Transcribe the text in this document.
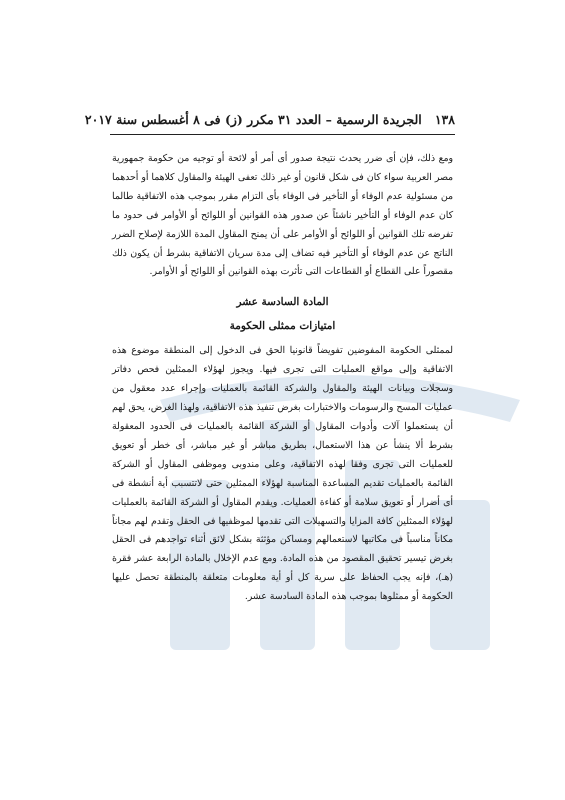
١٣٨   الجريدة الرسمية – العدد ٣١ مكرر (ز) فى ٨ أغسطس سنة ٢٠١٧

ومع ذلك، فإن أى ضرر يحدث نتيجة صدور أى أمر أو لائحة أو توجيه من حكومة جمهورية مصر العربية سواء كان فى شكل قانون أو غير ذلك تعفى الهيئة والمقاول كلاهما أو أحدهما من مسئولية عدم الوفاء أو التأخير فى الوفاء بأى التزام مقرر بموجب هذه الاتفاقية طالما كان عدم الوفاء أو التأخير ناشئاً عن صدور هذه القوانين أو اللوائح أو الأوامر فى حدود ما تفرضه تلك القوانين أو اللوائح أو الأوامر على أن يمنح المقاول المدة اللازمة لإصلاح الضرر الناتج عن عدم الوفاء أو التأخير فيه تضاف إلى مدة سريان الاتفاقية بشرط أن يكون ذلك مقصوراً على القطاع أو القطاعات التى تأثرت بهذه القوانين أو اللوائح أو الأوامر.

المادة السادسة عشر

امتيازات ممثلى الحكومة

لممثلى الحكومة المفوضين تفويضاً قانونيا الحق فى الدخول إلى المنطقة موضوع هذه الاتفاقية وإلى مواقع العمليات التى تجرى فيها. ويجوز لهؤلاء الممثلين فحص دفاتر وسجلات وبيانات الهيئة والمقاول والشركة القائمة بالعمليات وإجراء عدد معقول من عمليات المسح والرسومات والاختبارات بغرض تنفيذ هذه الاتفاقية، ولهذا الغرض، يحق لهم أن يستعملوا آلات وأدوات المقاول أو الشركة القائمة بالعمليات فى الحدود المعقولة بشرط ألا ينشأ عن هذا الاستعمال، بطريق مباشر أو غير مباشر، أى خطر أو تعويق للعمليات التى تجرى وفقا لهذه الاتفاقية، وعلى مندوبى وموظفى المقاول أو الشركة القائمة بالعمليات تقديم المساعدة المناسبة لهؤلاء الممثلين حتى لاتتسبب أية أنشطة فى أى أضرار أو تعويق سلامة أو كفاءة العمليات. ويقدم المقاول أو الشركة القائمة بالعمليات لهؤلاء الممثلين كافة المزايا والتسهيلات التى تقدمها لموظفيها فى الحقل وتقدم لهم مجاناً مكاناً مناسباً فى مكاتبها لاستعمالهم ومساكن مؤثثة بشكل لائق أثناء تواجدهم فى الحقل بغرض تيسير تحقيق المقصود من هذه المادة. ومع عدم الإخلال بالمادة الرابعة عشر فقرة (هـ)، فإنه يجب الحفاظ على سرية كل أو أية معلومات متعلقة بالمنطقة تحصل عليها الحكومة أو ممثلوها بموجب هذه المادة السادسة عشر.
